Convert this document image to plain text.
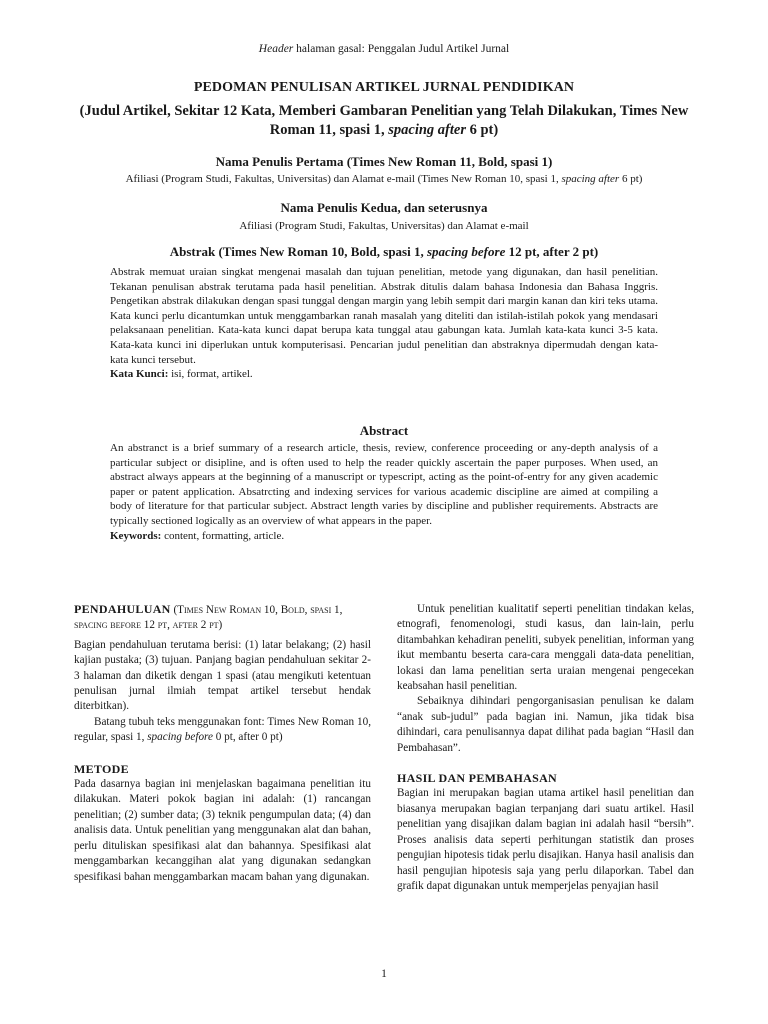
Header halaman gasal: Penggalan Judul Artikel Jurnal

PEDOMAN PENULISAN ARTIKEL JURNAL PENDIDIKAN

(Judul Artikel, Sekitar 12 Kata, Memberi Gambaran Penelitian yang Telah Dilakukan, Times New Roman 11, spasi 1, spacing after 6 pt)

Nama Penulis Pertama (Times New Roman 11, Bold, spasi 1)

Afiliasi (Program Studi, Fakultas, Universitas) dan Alamat e-mail (Times New Roman 10, spasi 1, spacing after 6 pt)

Nama Penulis Kedua, dan seterusnya

Afiliasi (Program Studi, Fakultas, Universitas) dan Alamat e-mail

Abstrak (Times New Roman 10, Bold, spasi 1, spacing before 12 pt, after 2 pt)

Abstrak memuat uraian singkat mengenai masalah dan tujuan penelitian, metode yang digunakan, dan hasil penelitian. Tekanan penulisan abstrak terutama pada hasil penelitian. Abstrak ditulis dalam bahasa Indonesia dan Bahasa Inggris. Pengetikan abstrak dilakukan dengan spasi tunggal dengan margin yang lebih sempit dari margin kanan dan kiri teks utama. Kata kunci perlu dicantumkan untuk menggambarkan ranah masalah yang diteliti dan istilah-istilah pokok yang mendasari pelaksanaan penelitian. Kata-kata kunci dapat berupa kata tunggal atau gabungan kata. Jumlah kata-kata kunci 3-5 kata. Kata-kata kunci ini diperlukan untuk komputerisasi. Pencarian judul penelitian dan abstraknya dipermudah dengan kata-kata kunci tersebut.

Kata Kunci: isi, format, artikel.

Abstract

An abstranct is a brief summary of a research article, thesis, review, conference proceeding or any-depth analysis of a particular subject or disipline, and is often used to help the reader quickly ascertain the paper purposes. When used, an abstract always appears at the beginning of a manuscript or typescript, acting as the point-of-entry for any given academic paper or patent application. Absatrcting and indexing services for various academic discipline are aimed at compiling a body of literature for that particular subject. Abstract length varies by discipline and publisher requirements. Abstracts are typically sectioned logically as an overview of what appears in the paper.

Keywords: content, formatting, article.

PENDAHULUAN (Times New Roman 10, Bold, spasi 1, spacing before 12 pt, after 2 pt)

Bagian pendahuluan terutama berisi: (1) latar belakang; (2) hasil kajian pustaka; (3) tujuan. Panjang bagian pendahuluan sekitar 2-3 halaman dan diketik dengan 1 spasi (atau mengikuti ketentuan penulisan jurnal ilmiah tempat artikel tersebut hendak diterbitkan).

Batang tubuh teks menggunakan font: Times New Roman 10, regular, spasi 1, spacing before 0 pt, after 0 pt)

METODE

Pada dasarnya bagian ini menjelaskan bagaimana penelitian itu dilakukan. Materi pokok bagian ini adalah: (1) rancangan penelitian; (2) sumber data; (3) teknik pengumpulan data; (4) dan analisis data. Untuk penelitian yang menggunakan alat dan bahan, perlu dituliskan spesifikasi alat dan bahannya. Spesifikasi alat menggambarkan kecanggihan alat yang digunakan sedangkan spesifikasi bahan menggambarkan macam bahan yang digunakan.

Untuk penelitian kualitatif seperti penelitian tindakan kelas, etnografi, fenomenologi, studi kasus, dan lain-lain, perlu ditambahkan kehadiran peneliti, subyek penelitian, informan yang ikut membantu beserta cara-cara menggali data-data penelitian, lokasi dan lama penelitian serta uraian mengenai pengecekan keabsahan hasil penelitian.

Sebaiknya dihindari pengorganisasian penulisan ke dalam “anak sub-judul” pada bagian ini. Namun, jika tidak bisa dihindari, cara penulisannya dapat dilihat pada bagian “Hasil dan Pembahasan”.

HASIL DAN PEMBAHASAN

Bagian ini merupakan bagian utama artikel hasil penelitian dan biasanya merupakan bagian terpanjang dari suatu artikel. Hasil penelitian yang disajikan dalam bagian ini adalah hasil “bersih”. Proses analisis data seperti perhitungan statistik dan proses pengujian hipotesis tidak perlu disajikan. Hanya hasil analisis dan hasil pengujian hipotesis saja yang perlu dilaporkan. Tabel dan grafik dapat digunakan untuk memperjelas penyajian hasil

1
